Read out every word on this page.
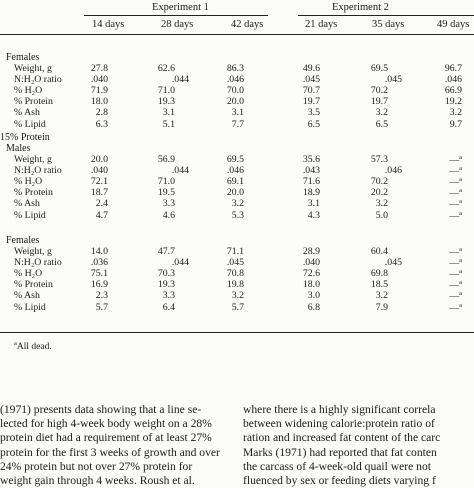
Experiment 1	Experiment 2
14 days	28 days	42 days	21 days	35 days	49 days
Females
Weight, g	27.8	62.6	86.3	49.6	69.5	96.7
N:H₂O ratio	.040	.044	.046	.045	.045	.046
% H₂O	71.9	71.0	70.0	70.7	70.2	66.9
% Protein	18.0	19.3	20.0	19.7	19.7	19.2
% Ash	2.8	3.1	3.1	3.5	3.2	3.2
% Lipid	6.3	5.1	7.7	6.5	6.5	9.7
15% Protein
Males
Weight, g	20.0	56.9	69.5	35.6	57.3	—$^a$
N:H₂O ratio	.040	.044	.046	.043	.046	—$^a$
% H₂O	72.1	71.0	69.1	71.6	70.2	—$^a$
% Protein	18.7	19.5	20.0	18.9	20.2	—$^a$
% Ash	2.4	3.3	3.2	3.1	3.2	—$^a$
% Lipid	4.7	4.6	5.3	4.3	5.0	—$^a$
Females
Weight, g	14.0	47.7	71.1	28.9	60.4	—$^a$
N:H₂O ratio	.036	.044	.045	.040	.045	—$^a$
% H₂O	75.1	70.3	70.8	72.6	69.8	—$^a$
% Protein	16.9	19.3	19.8	18.0	18.5	—$^a$
% Ash	2.3	3.3	3.2	3.0	3.2	—$^a$
% Lipid	5.7	6.4	5.7	6.8	7.9	—$^a$
$^a$All dead.
(1971) presents data showing that a line se-
lected for high 4-week body weight on a 28%
protein diet had a requirement of at least 27%
protein for the first 3 weeks of growth and over
24% protein but not over 27% protein for
weight gain through 4 weeks. Roush et al.
where there is a highly significant correla
between widening calorie:protein ratio of
ration and increased fat content of the carc
Marks (1971) had reported that fat conten
the carcass of 4-week-old quail were not
fluenced by sex or feeding diets varying f
